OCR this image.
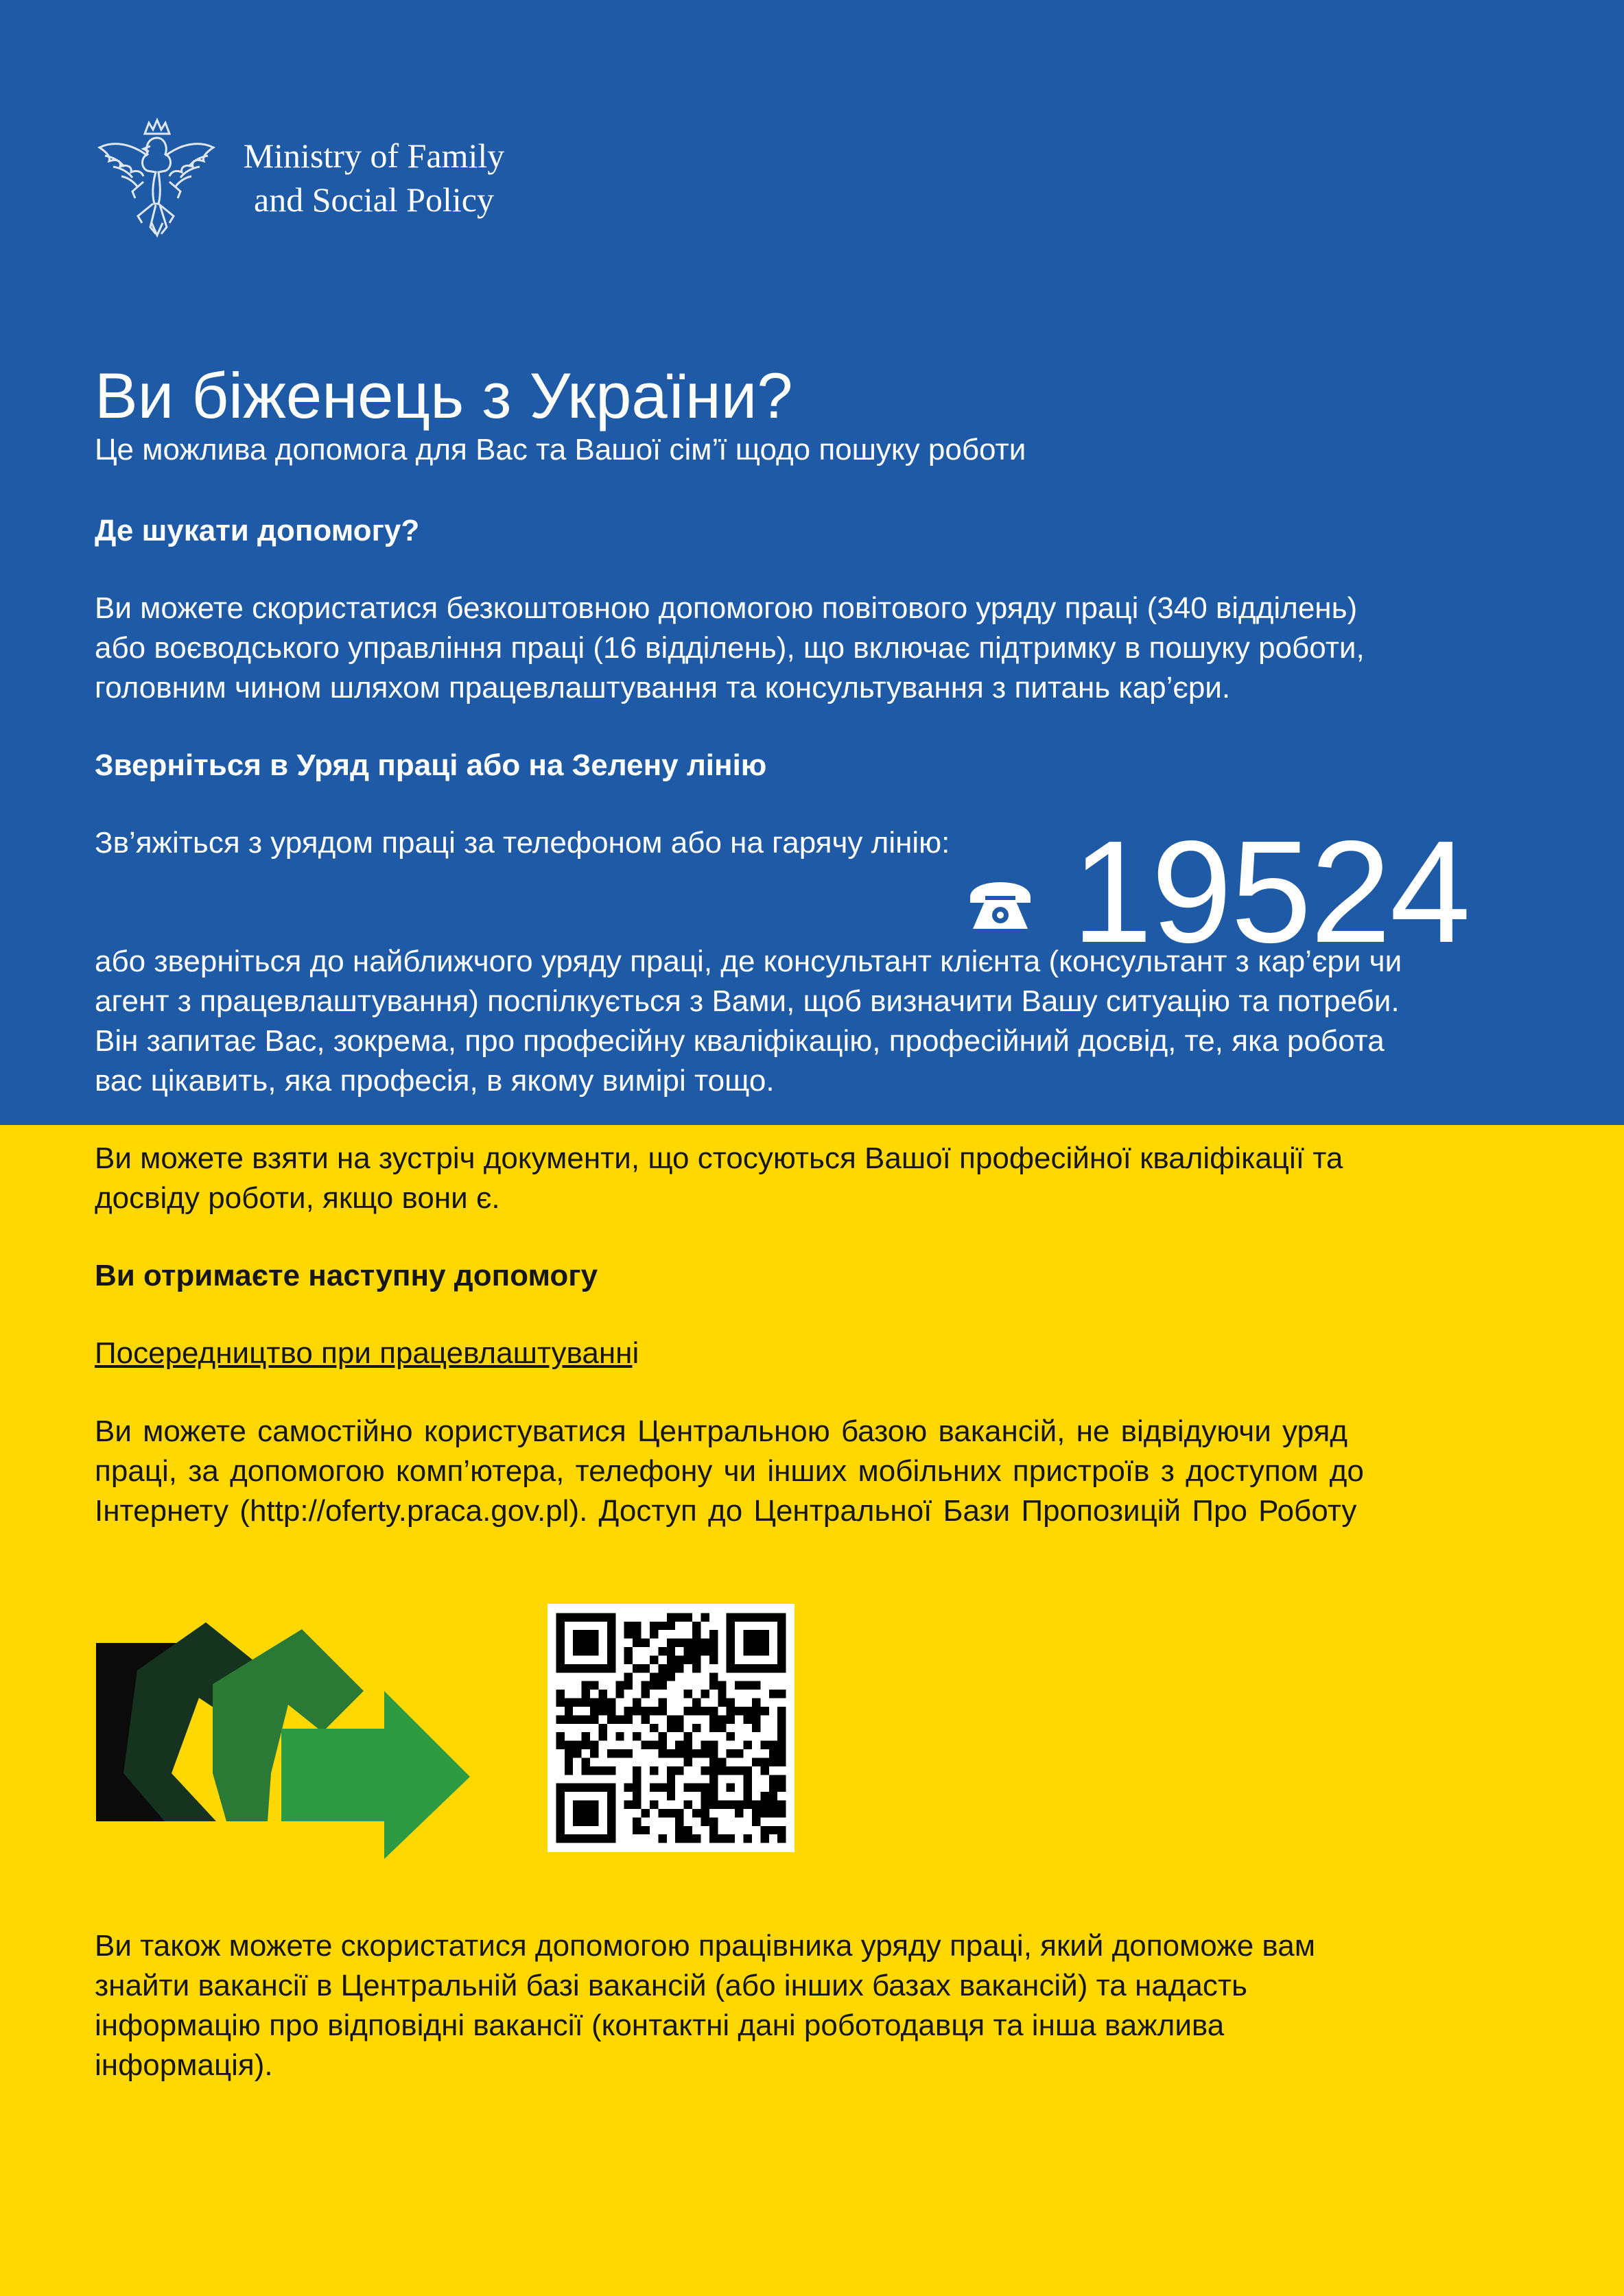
Ministry of Family
and Social Policy
Ви біженець з України?
Це можлива допомога для Вас та Вашої сім’ї щодо пошуку роботи
Де шукати допомогу?
Ви можете скористатися безкоштовною допомогою повітового уряду праці (340 відділень)
або воєводського управління праці (16 відділень), що включає підтримку в пошуку роботи,
головним чином шляхом працевлаштування та консультування з питань кар’єри.
Зверніться в Уряд праці або на Зелену лінію
Зв’яжіться з урядом праці за телефоном або на гарячу лінію: 19524
або зверніться до найближчого уряду праці, де консультант клієнта (консультант з кар’єри чи
агент з працевлаштування) поспілкується з Вами, щоб визначити Вашу ситуацію та потреби.
Він запитає Вас, зокрема, про професійну кваліфікацію, професійний досвід, те, яка робота
вас цікавить, яка професія, в якому вимірі тощо.
Ви можете взяти на зустріч документи, що стосуються Вашої професійної кваліфікації та
досвіду роботи, якщо вони є.
Ви отримаєте наступну допомогу
Посередництво при працевлаштуванні
Ви можете самостійно користуватися Центральною базою вакансій, не відвідуючи уряд
праці, за допомогою комп’ютера, телефону чи інших мобільних пристроїв з доступом до
Інтернету (http://oferty.praca.gov.pl). Доступ до Центральної Бази Пропозицій Про Роботу
Ви також можете скористатися допомогою працівника уряду праці, який допоможе вам
знайти вакансії в Центральній базі вакансій (або інших базах вакансій) та надасть
інформацію про відповідні вакансії (контактні дані роботодавця та інша важлива
інформація).
